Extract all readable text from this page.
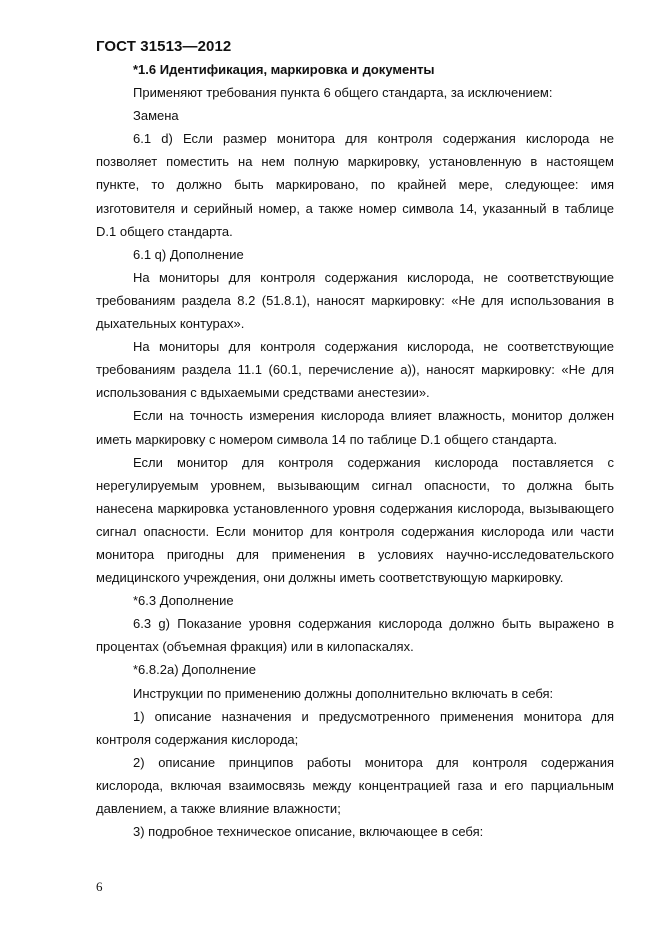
ГОСТ 31513—2012

*1.6 Идентификация, маркировка и документы

Применяют требования пункта 6 общего стандарта, за исключением:

Замена

6.1 d) Если размер монитора для контроля содержания кислорода не позволяет поместить на нем полную маркировку, установленную в настоящем пункте, то должно быть маркировано, по крайней мере, следующее: имя изготовителя и серийный номер, а также номер символа 14, указанный в таблице D.1 общего стандарта.

6.1 q) Дополнение

На мониторы для контроля содержания кислорода, не соответствующие требованиям раздела 8.2 (51.8.1), наносят маркировку: «Не для использования в дыхательных контурах».

На мониторы для контроля содержания кислорода, не соответствующие требованиям раздела 11.1 (60.1, перечисление а)), наносят маркировку: «Не для использования с вдыхаемыми средствами анестезии».

Если на точность измерения кислорода влияет влажность, монитор должен иметь маркировку с номером символа 14 по таблице D.1 общего стандарта.

Если монитор для контроля содержания кислорода поставляется с нерегулируемым уровнем, вызывающим сигнал опасности, то должна быть нанесена маркировка установленного уровня содержания кислорода, вызывающего сигнал опасности. Если монитор для контроля содержания кислорода или части монитора пригодны для применения в условиях научно-исследовательского медицинского учреждения, они должны иметь соответствующую маркировку.

*6.3 Дополнение

6.3 g) Показание уровня содержания кислорода должно быть выражено в процентах (объемная фракция) или в килопаскалях.

*6.8.2a) Дополнение

Инструкции по применению должны дополнительно включать в себя:

1) описание назначения и предусмотренного применения монитора для контроля содержания кислорода;

2) описание принципов работы монитора для контроля содержания кислорода, включая взаимосвязь между концентрацией газа и его парциальным давлением, а также влияние влажности;

3) подробное техническое описание, включающее в себя:

6
